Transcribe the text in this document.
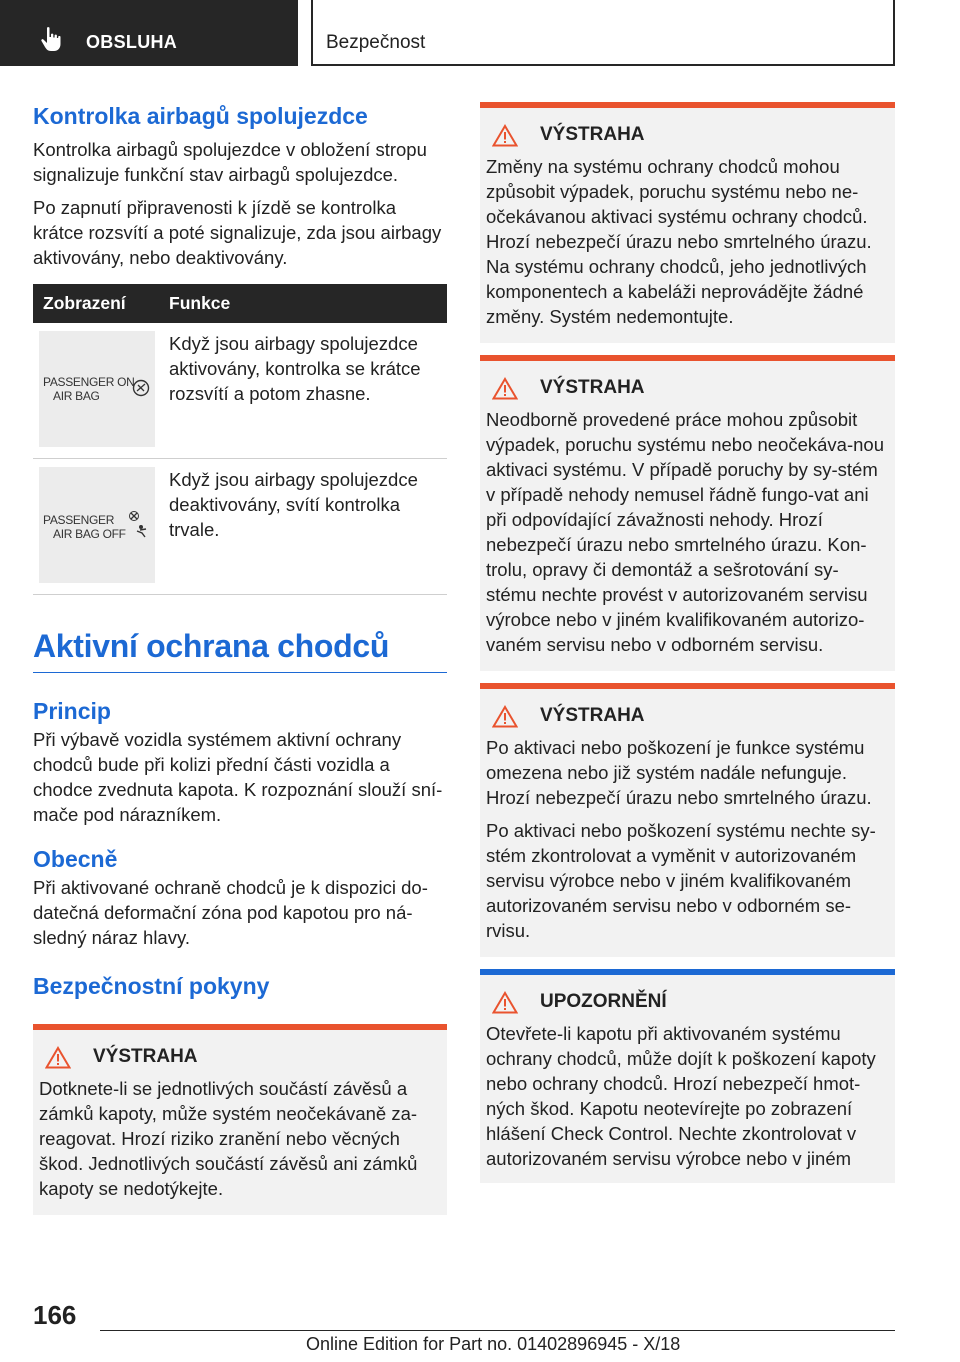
OBSLUHA	Bezpečnost
Kontrolka airbagů spolujezdce

Kontrolka airbagů spolujezdce v obložení stropu signalizuje funkční stav airbagů spolujezdce.

Po zapnutí připravenosti k jízdě se kontrolka krátce rozsvítí a poté signalizuje, zda jsou airbagy aktivovány, nebo deaktivovány.

Zobrazení	Funkce
PASSENGER ON
AIR BAG
Když jsou airbagy spolujezdce aktivovány, kontrolka se krátce rozsvítí a potom zhasne.
PASSENGER
AIR BAG OFF
Když jsou airbagy spolujezdce deaktivovány, svítí kontrolka trvale.
Aktivní ochrana chodců
Princip

Při výbavě vozidla systémem aktivní ochrany chodců bude při kolizi přední části vozidla a chodce zvednuta kapota. K rozpoznání slouží sní-mače pod nárazníkem.

Obecně

Při aktivované ochraně chodců je k dispozici do-datečná deformační zóna pod kapotou pro ná-sledný náraz hlavy.

Bezpečnostní pokyny
VÝSTRAHA

Dotknete-li se jednotlivých součástí závěsů a zámků kapoty, může systém neočekávaně za-reagovat. Hrozí riziko zranění nebo věcných škod. Jednotlivých součástí závěsů ani zámků kapoty se nedotýkejte.

VÝSTRAHA

Změny na systému ochrany chodců mohou způsobit výpadek, poruchu systému nebo ne-očekávanou aktivaci systému ochrany chodců. Hrozí nebezpečí úrazu nebo smrtelného úrazu. Na systému ochrany chodců, jeho jednotlivých komponentech a kabeláži neprovádějte žádné změny. Systém nedemontujte.

VÝSTRAHA

Neodborně provedené práce mohou způsobit výpadek, poruchu systému nebo neočekáva-nou aktivaci systému. V případě poruchy by sy-stém v případě nehody nemusel řádně fungo-vat ani při odpovídající závažnosti nehody. Hrozí nebezpečí úrazu nebo smrtelného úrazu. Kon-trolu, opravy či demontáž a sešrotování sy-stému nechte provést v autorizovaném servisu výrobce nebo v jiném kvalifikovaném autorizo-vaném servisu nebo v odborném servisu.

VÝSTRAHA

Po aktivaci nebo poškození je funkce systému omezena nebo již systém nadále nefunguje. Hrozí nebezpečí úrazu nebo smrtelného úrazu.

Po aktivaci nebo poškození systému nechte sy-stém zkontrolovat a vyměnit v autorizovaném servisu výrobce nebo v jiném kvalifikovaném autorizovaném servisu nebo v odborném se-rvisu.

UPOZORNĚNÍ

Otevřete-li kapotu při aktivovaném systému ochrany chodců, může dojít k poškození kapoty nebo ochrany chodců. Hrozí nebezpečí hmot-ných škod. Kapotu neotevírejte po zobrazení hlášení Check Control. Nechte zkontrolovat v autorizovaném servisu výrobce nebo v jiném

166
Online Edition for Part no. 01402896945 - X/18
